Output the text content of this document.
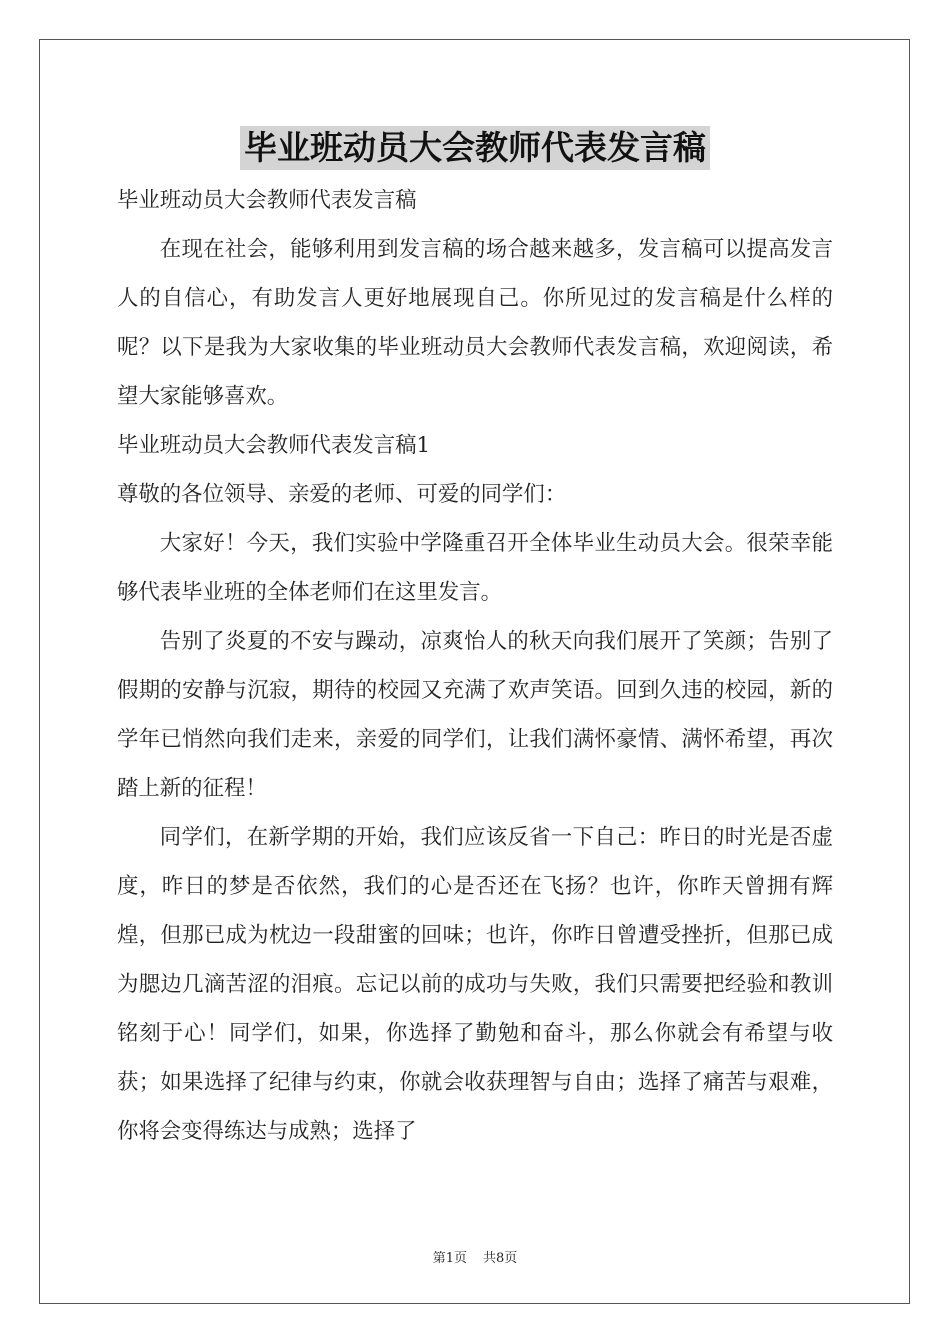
毕业班动员大会教师代表发言稿

毕业班动员大会教师代表发言稿

在现在社会，能够利用到发言稿的场合越来越多，发言稿可以提高发言人的自信心，有助发言人更好地展现自己。你所见过的发言稿是什么样的呢？以下是我为大家收集的毕业班动员大会教师代表发言稿，欢迎阅读，希望大家能够喜欢。

毕业班动员大会教师代表发言稿1

尊敬的各位领导、亲爱的老师、可爱的同学们：

大家好！今天，我们实验中学隆重召开全体毕业生动员大会。很荣幸能够代表毕业班的全体老师们在这里发言。

告别了炎夏的不安与躁动，凉爽怡人的秋天向我们展开了笑颜；告别了假期的安静与沉寂，期待的校园又充满了欢声笑语。回到久违的校园，新的学年已悄然向我们走来，亲爱的同学们，让我们满怀豪情、满怀希望，再次踏上新的征程！

同学们，在新学期的开始，我们应该反省一下自己：昨日的时光是否虚度，昨日的梦是否依然，我们的心是否还在飞扬？也许，你昨天曾拥有辉煌，但那已成为枕边一段甜蜜的回味；也许，你昨日曾遭受挫折，但那已成为腮边几滴苦涩的泪痕。忘记以前的成功与失败，我们只需要把经验和教训铭刻于心！同学们，如果，你选择了勤勉和奋斗，那么你就会有希望与收获；如果选择了纪律与约束，你就会收获理智与自由；选择了痛苦与艰难，你将会变得练达与成熟；选择了

第1页 共8页
